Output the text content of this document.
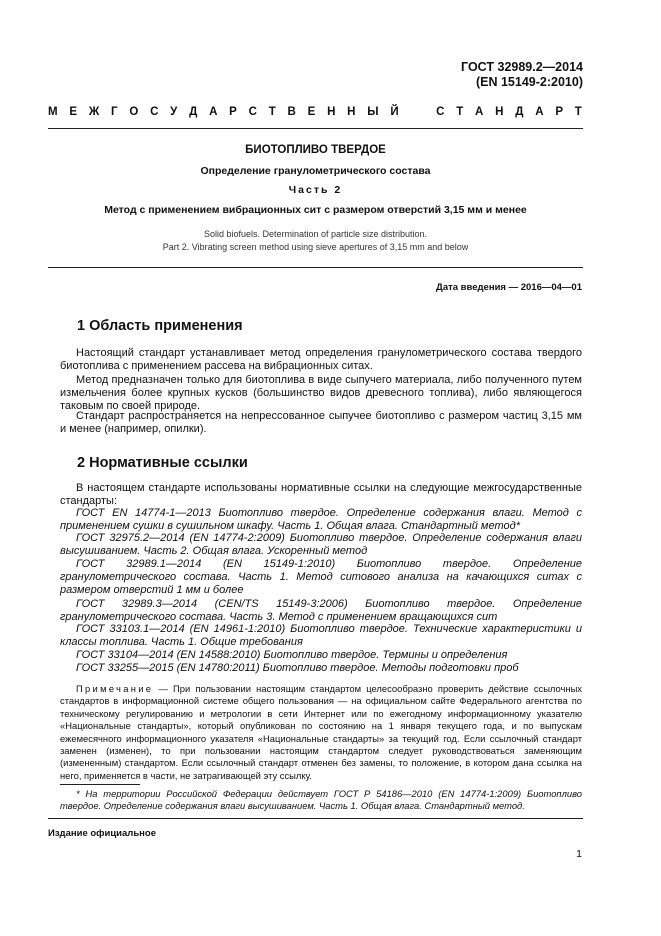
ГОСТ 32989.2—2014
(EN 15149-2:2010)
М Е Ж Г О С У Д А Р С Т В Е Н Н Ы Й	С Т А Н Д А Р Т
БИОТОПЛИВО ТВЕРДОЕ
Определение гранулометрического состава
Часть 2
Метод с применением вибрационных сит с размером отверстий 3,15 мм и менее
Solid biofuels. Determination of particle size distribution.
Part 2. Vibrating screen method using sieve apertures of 3,15 mm and below
Дата введения — 2016—04—01
1 Область применения
Настоящий стандарт устанавливает метод определения гранулометрического состава твердого биотоплива с применением рассева на вибрационных ситах.
Метод предназначен только для биотоплива в виде сыпучего материала, либо полученного путем измельчения более крупных кусков (большинство видов древесного топлива), либо являющегося таковым по своей природе.
Стандарт распространяется на непрессованное сыпучее биотопливо с размером частиц 3,15 мм и менее (например, опилки).
2 Нормативные ссылки
В настоящем стандарте использованы нормативные ссылки на следующие межгосударственные стандарты:
ГОСТ EN 14774-1—2013 Биотопливо твердое. Определение содержания влаги. Метод с применением сушки в сушильном шкафу. Часть 1. Общая влага. Стандартный метод*
ГОСТ 32975.2—2014 (EN 14774-2:2009) Биотопливо твердое. Определение содержания влаги высушиванием. Часть 2. Общая влага. Ускоренный метод
ГОСТ 32989.1—2014 (EN 15149-1:2010) Биотопливо твердое. Определение гранулометрического состава. Часть 1. Метод ситового анализа на качающихся ситах с размером отверстий 1 мм и более
ГОСТ 32989.3—2014 (CEN/TS 15149-3:2006) Биотопливо твердое. Определение гранулометрического состава. Часть 3. Метод с применением вращающихся сит
ГОСТ 33103.1—2014 (EN 14961-1:2010) Биотопливо твердое. Технические характеристики и классы топлива. Часть 1. Общие требования
ГОСТ 33104—2014 (EN 14588:2010) Биотопливо твердое. Термины и определения
ГОСТ 33255—2015 (EN 14780:2011) Биотопливо твердое. Методы подготовки проб
Примечание — При пользовании настоящим стандартом целесообразно проверить действие ссылочных стандартов в информационной системе общего пользования — на официальном сайте Федерального агентства по техническому регулированию и метрологии в сети Интернет или по ежегодному информационному указателю «Национальные стандарты», который опубликован по состоянию на 1 января текущего года, и по выпускам ежемесячного информационного указателя «Национальные стандарты» за текущий год. Если ссылочный стандарт заменен (изменен), то при пользовании настоящим стандартом следует руководствоваться заменяющим (измененным) стандартом. Если ссылочный стандарт отменен без замены, то положение, в котором дана ссылка на него, применяется в части, не затрагивающей эту ссылку.
* На территории Российской Федерации действует ГОСТ Р 54186—2010 (EN 14774-1:2009) Биотопливо твердое. Определение содержания влаги высушиванием. Часть 1. Общая влага. Стандартный метод.
Издание официальное
1
